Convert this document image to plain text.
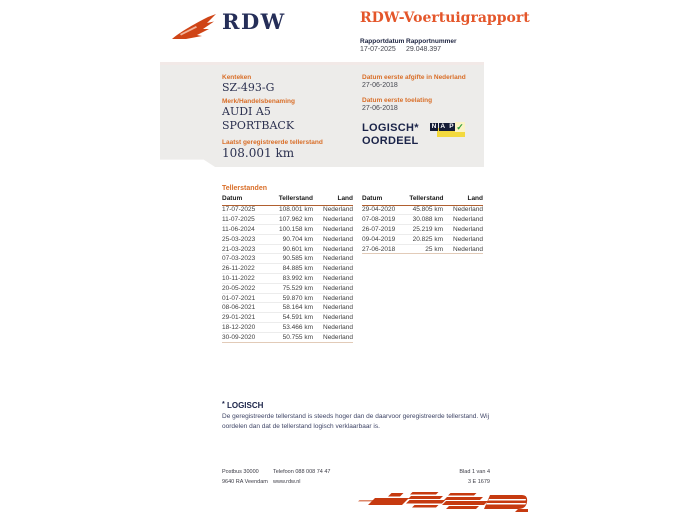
RDW	RDW-Voertuigrapport
Rapportdatum
17-07-2025
Rapportnummer
29.048.397
Kenteken
SZ-493-G
Merk/Handelsbenaming
AUDI A5
SPORTBACK
Laatst geregistreerde tellerstand
108.001 km
Datum eerste afgifte in Nederland
27-06-2018
Datum eerste toelating
27-06-2018
LOGISCH*
OORDEEL
N A P ✓
Tellerstanden
Datum	Tellerstand	Land
17-07-2025	108.001 km	Nederland
11-07-2025	107.962 km	Nederland
11-06-2024	100.158 km	Nederland
25-03-2023	90.704 km	Nederland
21-03-2023	90.601 km	Nederland
07-03-2023	90.585 km	Nederland
26-11-2022	84.885 km	Nederland
10-11-2022	83.992 km	Nederland
20-05-2022	75.529 km	Nederland
01-07-2021	59.870 km	Nederland
08-06-2021	58.164 km	Nederland
29-01-2021	54.591 km	Nederland
18-12-2020	53.466 km	Nederland
30-09-2020	50.755 km	Nederland
Datum	Tellerstand	Land
29-04-2020	45.805 km	Nederland
07-08-2019	30.088 km	Nederland
26-07-2019	25.219 km	Nederland
09-04-2019	20.825 km	Nederland
27-06-2018	25 km	Nederland
* LOGISCH
De geregistreerde tellerstand is steeds hoger dan de daarvoor geregistreerde tellerstand. Wij oordelen dan dat de tellerstand logisch verklaarbaar is.
Postbus 30000
9640 RA Veendam
Telefoon 088 008 74 47
www.rdw.nl
Blad 1 van 4
3 E 1679
